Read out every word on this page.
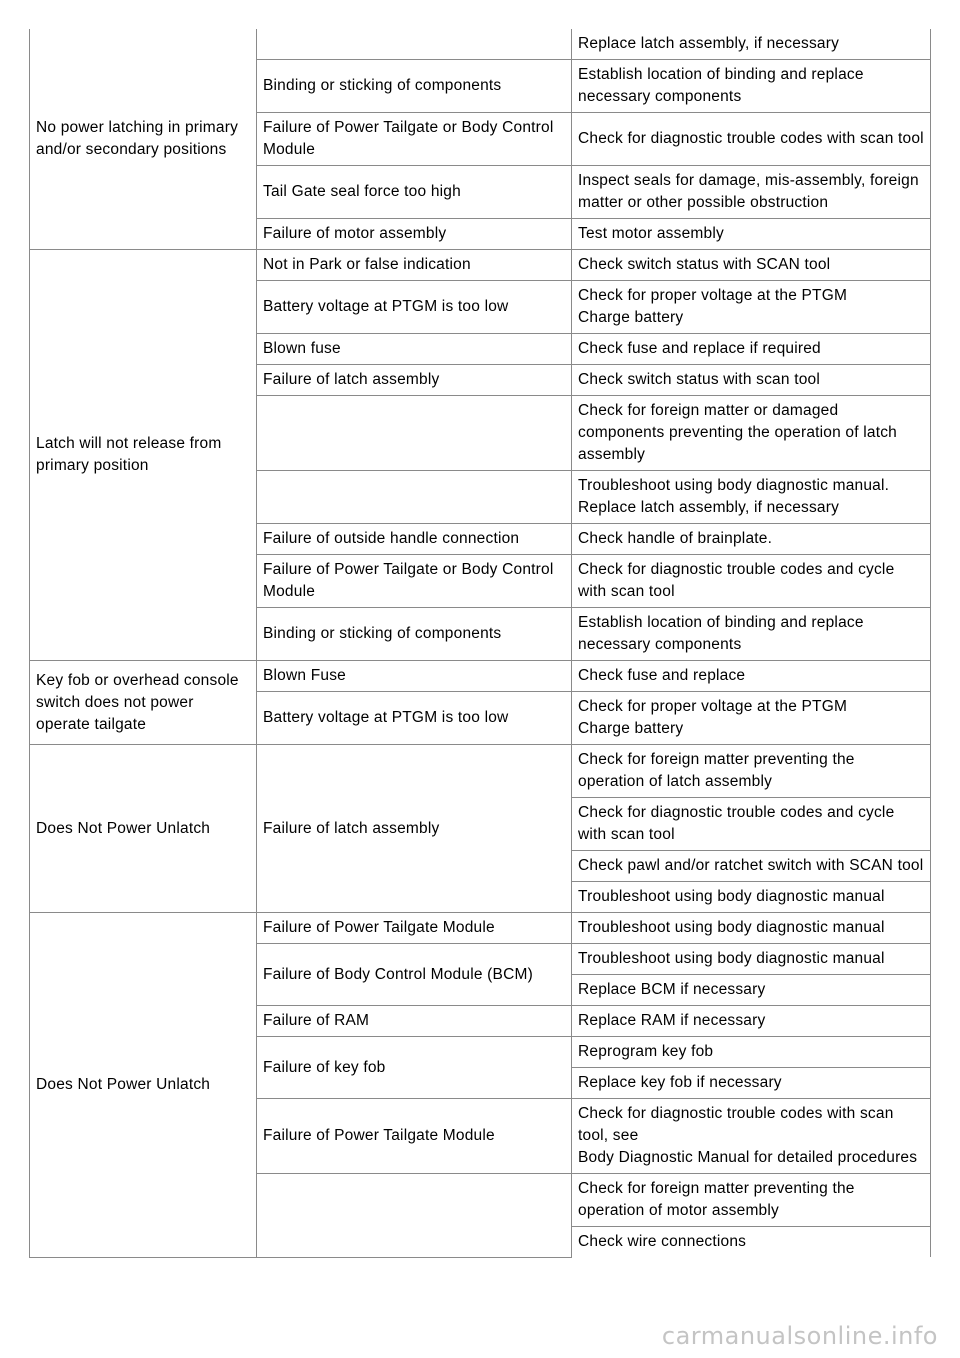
No power latching in primary and/or secondary positions		Replace latch assembly, if necessary
	Binding or sticking of components	Establish location of binding and replace necessary components
	Failure of Power Tailgate or Body Control Module	Check for diagnostic trouble codes with scan tool
	Tail Gate seal force too high	Inspect seals for damage, mis-assembly, foreign matter or other possible obstruction
	Failure of motor assembly	Test motor assembly
Latch will not release from primary position	Not in Park or false indication	Check switch status with SCAN tool
	Battery voltage at PTGM is too low	Check for proper voltage at the PTGM
Charge battery
	Blown fuse	Check fuse and replace if required
	Failure of latch assembly	Check switch status with scan tool
		Check for foreign matter or damaged components preventing the operation of latch assembly
		Troubleshoot using body diagnostic manual.
Replace latch assembly, if necessary
	Failure of outside handle connection	Check handle of brainplate.
	Failure of Power Tailgate or Body Control Module	Check for diagnostic trouble codes and cycle with scan tool
	Binding or sticking of components	Establish location of binding and replace necessary components
Key fob or overhead console switch does not power operate tailgate	Blown Fuse	Check fuse and replace
	Battery voltage at PTGM is too low	Check for proper voltage at the PTGM
Charge battery
Does Not Power Unlatch	Failure of latch assembly	Check for foreign matter preventing the operation of latch assembly
		Check for diagnostic trouble codes and cycle with scan tool
		Check pawl and/or ratchet switch with SCAN tool
		Troubleshoot using body diagnostic manual
Does Not Power Unlatch	Failure of Power Tailgate Module	Troubleshoot using body diagnostic manual
	Failure of Body Control Module (BCM)	Troubleshoot using body diagnostic manual
		Replace BCM if necessary
	Failure of RAM	Replace RAM if necessary
	Failure of key fob	Reprogram key fob
		Replace key fob if necessary
	Failure of Power Tailgate Module	Check for diagnostic trouble codes with scan tool, see
Body Diagnostic Manual for detailed procedures
		Check for foreign matter preventing the operation of motor assembly
		Check wire connections
carmanualsonline.info
